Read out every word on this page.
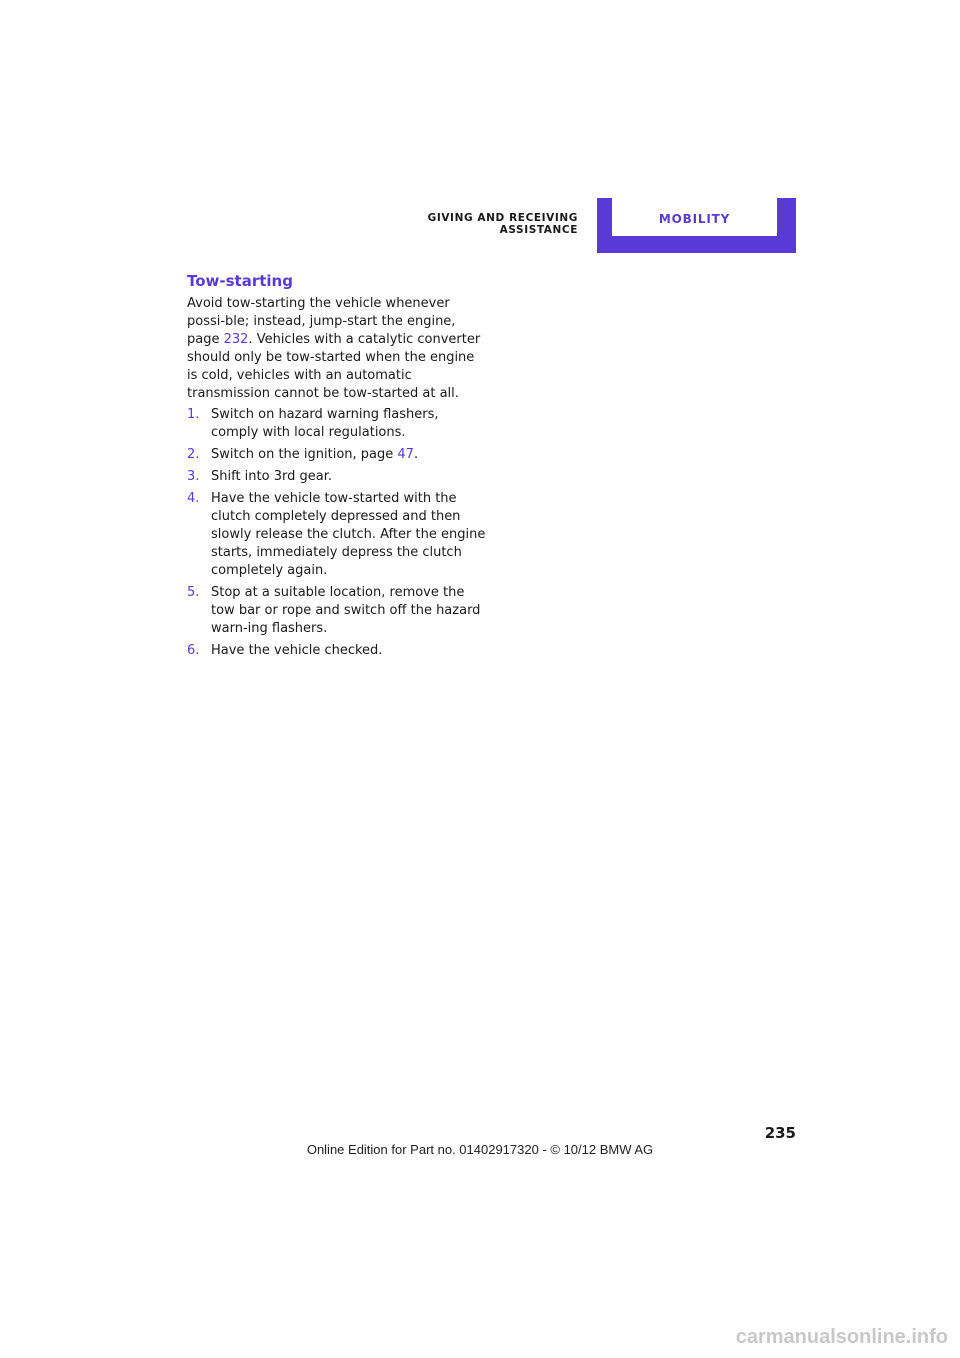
GIVING AND RECEIVING ASSISTANCE
MOBILITY
Tow-starting
Avoid tow-starting the vehicle whenever possi-ble; instead, jump-start the engine, page 232. Vehicles with a catalytic converter should only be tow-started when the engine is cold, vehicles with an automatic transmission cannot be tow-started at all.
1. Switch on hazard warning flashers, comply with local regulations.
2. Switch on the ignition, page 47.
3. Shift into 3rd gear.
4. Have the vehicle tow-started with the clutch completely depressed and then slowly release the clutch. After the engine starts, immediately depress the clutch completely again.
5. Stop at a suitable location, remove the tow bar or rope and switch off the hazard warn-ing flashers.
6. Have the vehicle checked.
235
Online Edition for Part no. 01402917320 - © 10/12 BMW AG
carmanualsonline.info
